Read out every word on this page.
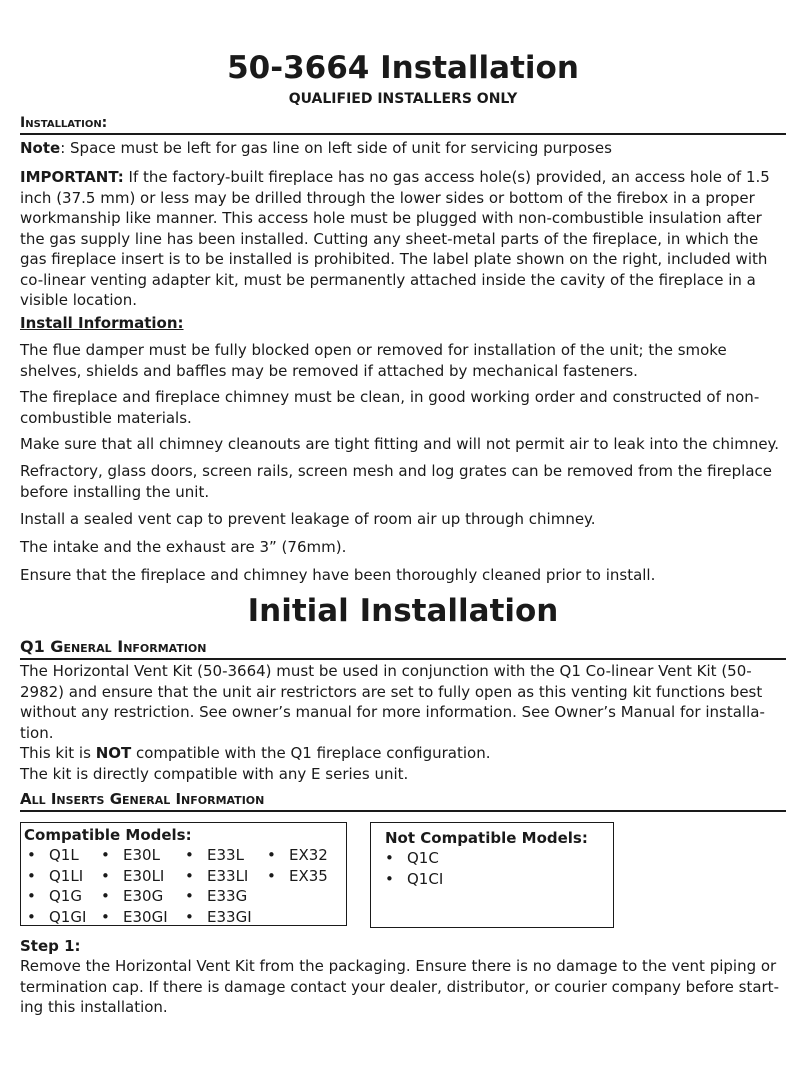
50-3664 Installation
QUALIFIED INSTALLERS ONLY
Installation:

Note: Space must be left for gas line on left side of unit for servicing purposes

IMPORTANT: If the factory-built fireplace has no gas access hole(s) provided, an access hole of 1.5 inch (37.5 mm) or less may be drilled through the lower sides or bottom of the firebox in a proper workmanship like manner. This access hole must be plugged with non-combustible insulation after the gas supply line has been installed. Cutting any sheet-metal parts of the fireplace, in which the gas fireplace insert is to be installed is prohibited. The label plate shown on the right, included with co-linear venting adapter kit, must be permanently attached inside the cavity of the fireplace in a visible location.

Install Information:

The flue damper must be fully blocked open or removed for installation of the unit; the smoke shelves, shields and baffles may be removed if attached by mechanical fasteners.

The fireplace and fireplace chimney must be clean, in good working order and constructed of non-combustible materials.

Make sure that all chimney cleanouts are tight fitting and will not permit air to leak into the chimney.

Refractory, glass doors, screen rails, screen mesh and log grates can be removed from the fireplace before installing the unit.

Install a sealed vent cap to prevent leakage of room air up through chimney.

The intake and the exhaust are 3” (76mm).

Ensure that the fireplace and chimney have been thoroughly cleaned prior to install.

Initial Installation
Q1 General Information

The Horizontal Vent Kit (50-3664) must be used in conjunction with the Q1 Co-linear Vent Kit (50-2982) and ensure that the unit air restrictors are set to fully open as this venting kit functions best without any restriction. See owner’s manual for more information. See Owner’s Manual for installa-tion.

This kit is NOT compatible with the Q1 fireplace configuration.

The kit is directly compatible with any E series unit.

All Inserts General Information
Compatible Models:
• Q1L
• Q1LI
• Q1G
• Q1GI
• E30L
• E30LI
• E30G
• E30GI
• E33L
• E33LI
• E33G
• E33GI
• EX32
• EX35
Not Compatible Models:
• Q1C
• Q1CI
Step 1:

Remove the Horizontal Vent Kit from the packaging. Ensure there is no damage to the vent piping or termination cap. If there is damage contact your dealer, distributor, or courier company before start-ing this installation.
